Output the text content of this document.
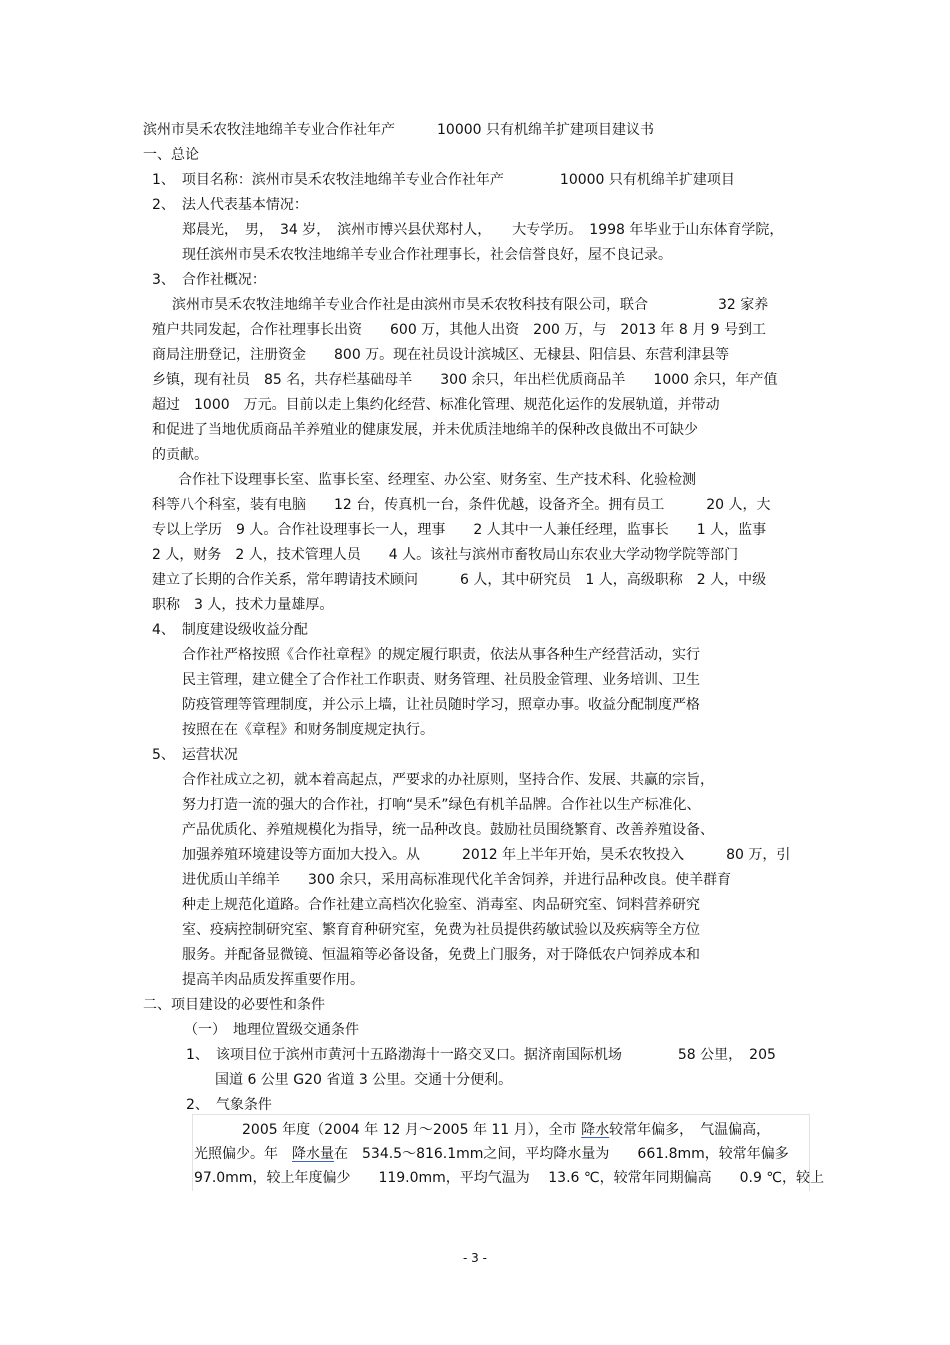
滨州市昊禾农牧洼地绵羊专业合作社年产　　　10000 只有机绵羊扩建项目建议书
一、总论
1、　项目名称：滨州市昊禾农牧洼地绵羊专业合作社年产　　　　10000 只有机绵羊扩建项目
2、　法人代表基本情况：
郑晨光，　男，　34 岁，　滨州市博兴县伏郑村人，　　大专学历。　1998 年毕业于山东体育学院，
现任滨州市昊禾农牧洼地绵羊专业合作社理事长，社会信誉良好，屋不良记录。
3、　合作社概况：
滨州市昊禾农牧洼地绵羊专业合作社是由滨州市昊禾农牧科技有限公司，联合　　　　　32 家养
殖户共同发起，合作社理事长出资　　600 万，其他人出资　200 万，与　2013 年 8 月 9 号到工
商局注册登记，注册资金　　800 万。现在社员设计滨城区、无棣县、阳信县、东营利津县等
乡镇，现有社员　85 名，共存栏基础母羊　　300 余只，年出栏优质商品羊　　1000 余只，年产值
超过　1000　万元。目前以走上集约化经营、标准化管理、规范化运作的发展轨道，并带动
和促进了当地优质商品羊养殖业的健康发展，并未优质洼地绵羊的保种改良做出不可缺少
的贡献。
合作社下设理事长室、监事长室、经理室、办公室、财务室、生产技术科、化验检测
科等八个科室，装有电脑　　12 台，传真机一台，条件优越，设备齐全。拥有员工　　　20 人，大
专以上学历　9 人。合作社设理事长一人，理事　　2 人其中一人兼任经理，监事长　　1 人，监事
2 人，财务　2 人，技术管理人员　　4 人。该社与滨州市畜牧局山东农业大学动物学院等部门
建立了长期的合作关系，常年聘请技术顾问　　　6 人，其中研究员　1 人，高级职称　2 人，中级
职称　3 人，技术力量雄厚。
4、　制度建设级收益分配
合作社严格按照《合作社章程》的规定履行职责，依法从事各种生产经营活动，实行
民主管理，建立健全了合作社工作职责、财务管理、社员股金管理、业务培训、卫生
防疫管理等管理制度，并公示上墙，让社员随时学习，照章办事。收益分配制度严格
按照在在《章程》和财务制度规定执行。
5、　运营状况
合作社成立之初，就本着高起点，严要求的办社原则，坚持合作、发展、共赢的宗旨，
努力打造一流的强大的合作社，打响“昊禾”绿色有机羊品牌。合作社以生产标准化、
产品优质化、养殖规模化为指导，统一品种改良。鼓励社员围绕繁育、改善养殖设备、
加强养殖环境建设等方面加大投入。从　　　2012 年上半年开始，昊禾农牧投入　　　80 万，引
进优质山羊绵羊　　300 余只，采用高标准现代化羊舍饲养，并进行品种改良。使羊群育
种走上规范化道路。合作社建立高档次化验室、消毒室、肉品研究室、饲料营养研究
室、疫病控制研究室、繁育育种研究室，免费为社员提供药敏试验以及疾病等全方位
服务。并配备显微镜、恒温箱等必备设备，免费上门服务，对于降低农户饲养成本和
提高羊肉品质发挥重要作用。
二、项目建设的必要性和条件
（一）　地理位置级交通条件
1、　该项目位于滨州市黄河十五路渤海十一路交叉口。据济南国际机场　　　　58 公里，　205
国道 6 公里 G20 省道 3 公里。交通十分便利。
2、　气象条件
2005 年度（2004 年 12 月～2005 年 11 月），全市 降水较常年偏多，　气温偏高，
光照偏少。年　降水量在　534.5～816.1mm之间，平均降水量为　　661.8mm，较常年偏多
97.0mm，较上年度偏少　　119.0mm，平均气温为　 13.6 ℃，较常年同期偏高　　0.9 ℃，较上
- 3 -
